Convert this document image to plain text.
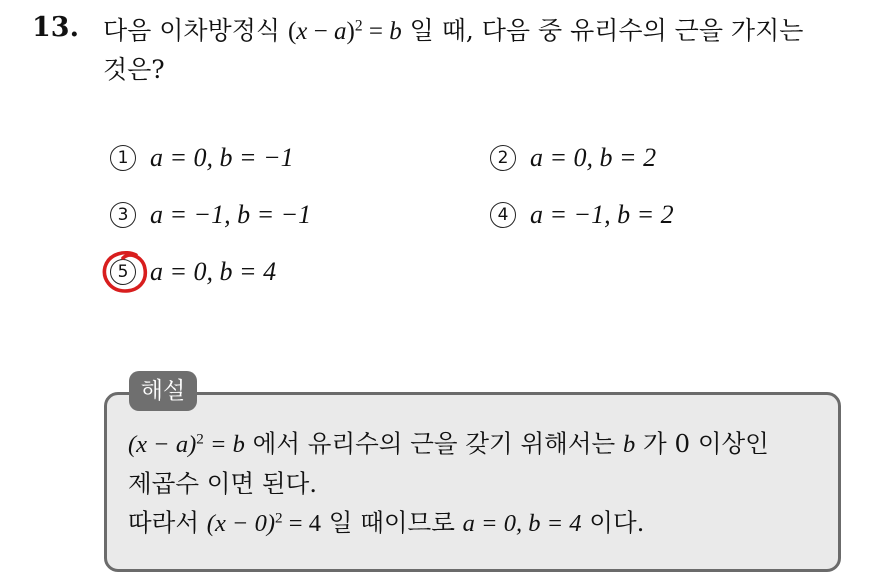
13. 다음 이차방정식 $(x - a)^2 = b$ 일 때, 다음 중 유리수의 근을 가지는
것은?
1 a = 0, b = −1	2 a = 0, b = 2
3 a = −1, b = −1	4 a = −1, b = 2
5 a = 0, b = 4
해설
$(x - a)^2 = b$ 에서 유리수의 근을 갖기 위해서는 b 가 0 이상인
제곱수 이면 된다.
따라서 $(x - 0)^2 = 4$ 일 때이므로 a = 0, b = 4 이다.
